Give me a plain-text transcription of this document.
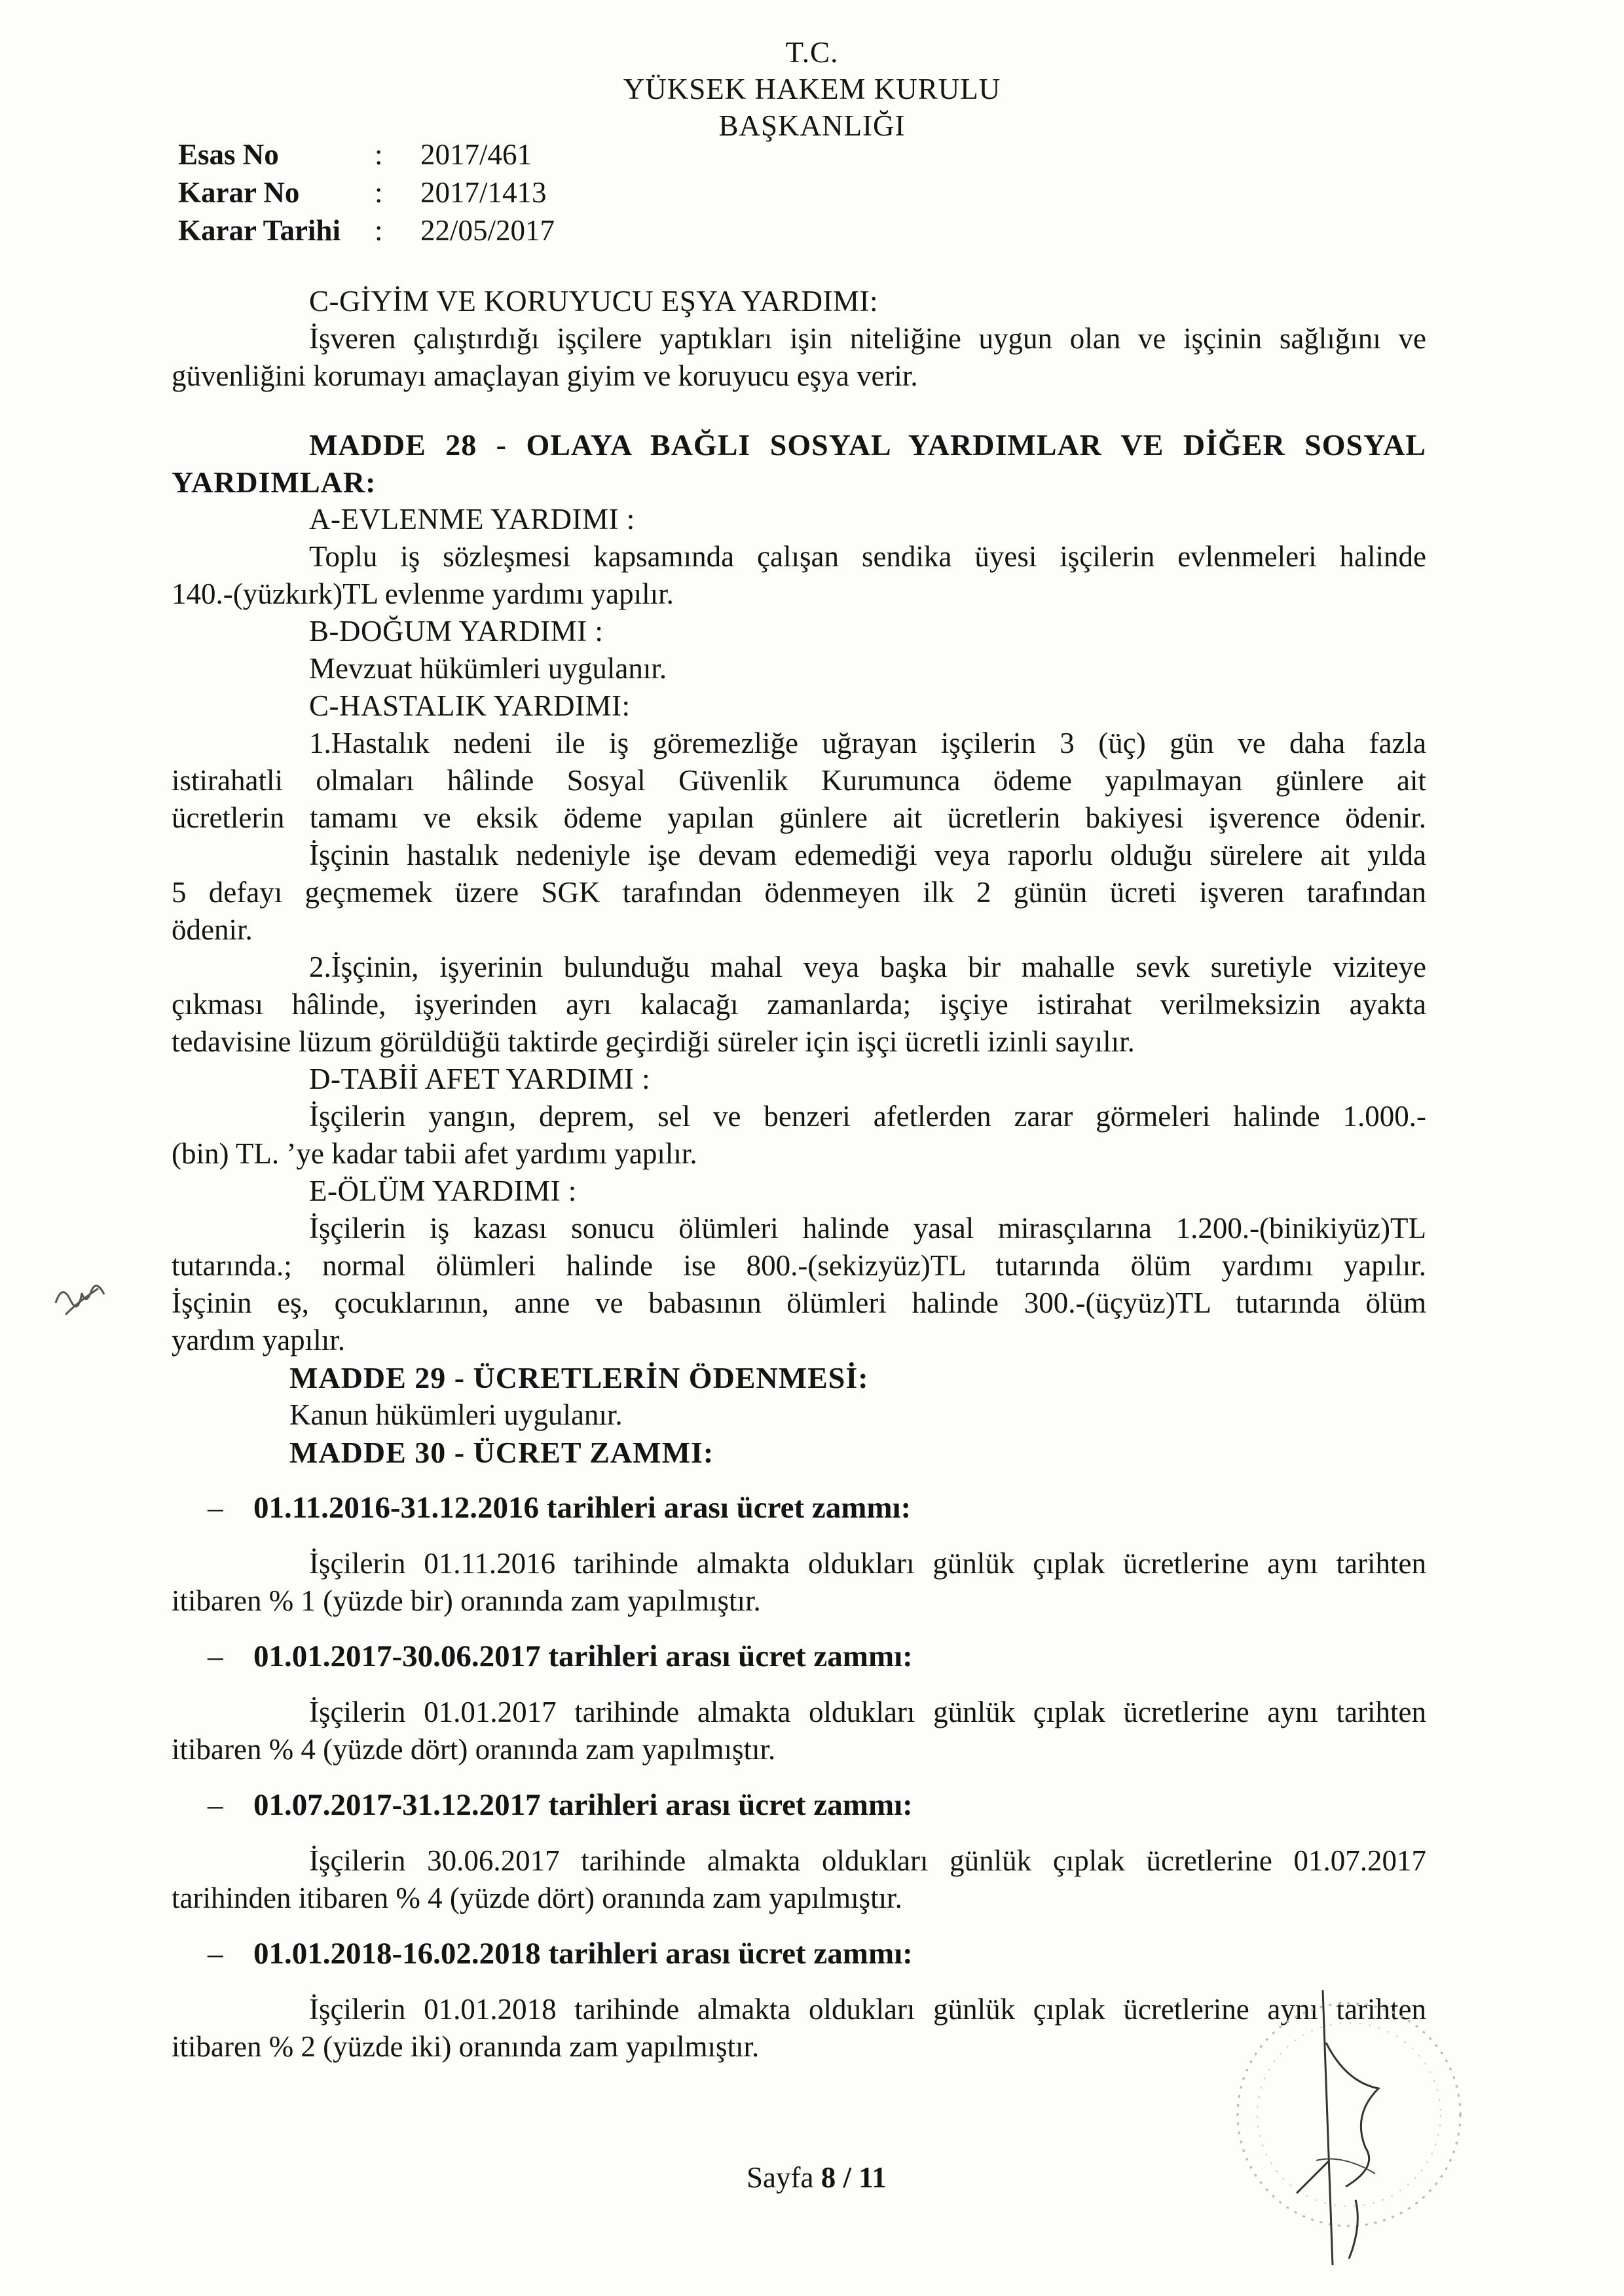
T.C.
YÜKSEK HAKEM KURULU
BAŞKANLIĞI
Esas No	: 2017/461
Karar No	: 2017/1413
Karar Tarihi : 22/05/2017
C-GİYİM VE KORUYUCU EŞYA YARDIMI:
İşveren çalıştırdığı işçilere yaptıkları işin niteliğine uygun olan ve işçinin sağlığını ve
güvenliğini korumayı amaçlayan giyim ve koruyucu eşya verir.
MADDE 28 - OLAYA BAĞLI SOSYAL YARDIMLAR VE DİĞER SOSYAL
YARDIMLAR:
A-EVLENME YARDIMI :
Toplu iş sözleşmesi kapsamında çalışan sendika üyesi işçilerin evlenmeleri halinde
140.-(yüzkırk)TL evlenme yardımı yapılır.
B-DOĞUM YARDIMI :
Mevzuat hükümleri uygulanır.
C-HASTALIK YARDIMI:
1.Hastalık nedeni ile iş göremezliğe uğrayan işçilerin 3 (üç) gün ve daha fazla
istirahatli olmaları hâlinde Sosyal Güvenlik Kurumunca ödeme yapılmayan günlere ait
ücretlerin tamamı ve eksik ödeme yapılan günlere ait ücretlerin bakiyesi işverence ödenir.
İşçinin hastalık nedeniyle işe devam edemediği veya raporlu olduğu sürelere ait yılda
5 defayı geçmemek üzere SGK tarafından ödenmeyen ilk 2 günün ücreti işveren tarafından
ödenir.
2.İşçinin, işyerinin bulunduğu mahal veya başka bir mahalle sevk suretiyle viziteye
çıkması hâlinde, işyerinden ayrı kalacağı zamanlarda; işçiye istirahat verilmeksizin ayakta
tedavisine lüzum görüldüğü taktirde geçirdiği süreler için işçi ücretli izinli sayılır.
D-TABİİ AFET YARDIMI :
İşçilerin yangın, deprem, sel ve benzeri afetlerden zarar görmeleri halinde 1.000.-
(bin) TL. ’ye kadar tabii afet yardımı yapılır.
E-ÖLÜM YARDIMI :
İşçilerin iş kazası sonucu ölümleri halinde yasal mirasçılarına 1.200.-(binikiyüz)TL
tutarında.; normal ölümleri halinde ise 800.-(sekizyüz)TL tutarında ölüm yardımı yapılır.
İşçinin eş, çocuklarının, anne ve babasının ölümleri halinde 300.-(üçyüz)TL tutarında ölüm
yardım yapılır.
MADDE 29 - ÜCRETLERİN ÖDENMESİ:
Kanun hükümleri uygulanır.
MADDE 30 - ÜCRET ZAMMI:
– 01.11.2016-31.12.2016 tarihleri arası ücret zammı:
İşçilerin 01.11.2016 tarihinde almakta oldukları günlük çıplak ücretlerine aynı tarihten
itibaren % 1 (yüzde bir) oranında zam yapılmıştır.
– 01.01.2017-30.06.2017 tarihleri arası ücret zammı:
İşçilerin 01.01.2017 tarihinde almakta oldukları günlük çıplak ücretlerine aynı tarihten
itibaren % 4 (yüzde dört) oranında zam yapılmıştır.
– 01.07.2017-31.12.2017 tarihleri arası ücret zammı:
İşçilerin 30.06.2017 tarihinde almakta oldukları günlük çıplak ücretlerine 01.07.2017
tarihinden itibaren % 4 (yüzde dört) oranında zam yapılmıştır.
– 01.01.2018-16.02.2018 tarihleri arası ücret zammı:
İşçilerin 01.01.2018 tarihinde almakta oldukları günlük çıplak ücretlerine aynı tarihten
itibaren % 2 (yüzde iki) oranında zam yapılmıştır.
Sayfa 8 / 11
